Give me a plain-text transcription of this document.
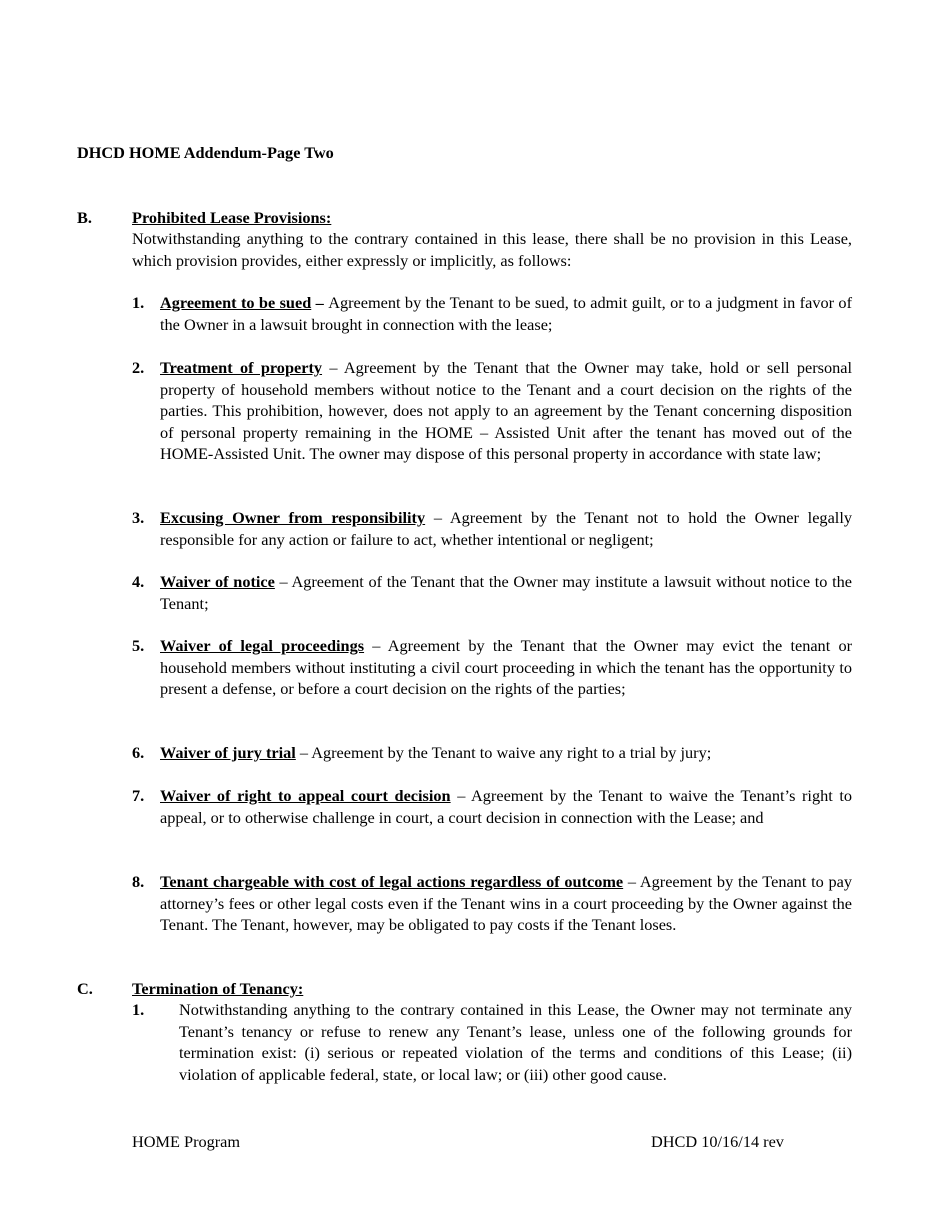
DHCD HOME Addendum-Page Two
B. Prohibited Lease Provisions:

Notwithstanding anything to the contrary contained in this lease, there shall be no provision in this Lease, which provision provides, either expressly or implicitly, as follows:

1. Agreement to be sued – Agreement by the Tenant to be sued, to admit guilt, or to a judgment in favor of the Owner in a lawsuit brought in connection with the lease;
2. Treatment of property – Agreement by the Tenant that the Owner may take, hold or sell personal property of household members without notice to the Tenant and a court decision on the rights of the parties. This prohibition, however, does not apply to an agreement by the Tenant concerning disposition of personal property remaining in the HOME – Assisted Unit after the tenant has moved out of the HOME-Assisted Unit. The owner may dispose of this personal property in accordance with state law;
3. Excusing Owner from responsibility – Agreement by the Tenant not to hold the Owner legally responsible for any action or failure to act, whether intentional or negligent;
4. Waiver of notice – Agreement of the Tenant that the Owner may institute a lawsuit without notice to the Tenant;
5. Waiver of legal proceedings – Agreement by the Tenant that the Owner may evict the tenant or household members without instituting a civil court proceeding in which the tenant has the opportunity to present a defense, or before a court decision on the rights of the parties;
6. Waiver of jury trial – Agreement by the Tenant to waive any right to a trial by jury;
7. Waiver of right to appeal court decision – Agreement by the Tenant to waive the Tenant’s right to appeal, or to otherwise challenge in court, a court decision in connection with the Lease; and
8. Tenant chargeable with cost of legal actions regardless of outcome – Agreement by the Tenant to pay attorney’s fees or other legal costs even if the Tenant wins in a court proceeding by the Owner against the Tenant. The Tenant, however, may be obligated to pay costs if the Tenant loses.
C. Termination of Tenancy:
1. Notwithstanding anything to the contrary contained in this Lease, the Owner may not terminate any Tenant’s tenancy or refuse to renew any Tenant’s lease, unless one of the following grounds for termination exist: (i) serious or repeated violation of the terms and conditions of this Lease; (ii) violation of applicable federal, state, or local law; or (iii) other good cause.
HOME Program	DHCD 10/16/14 rev
